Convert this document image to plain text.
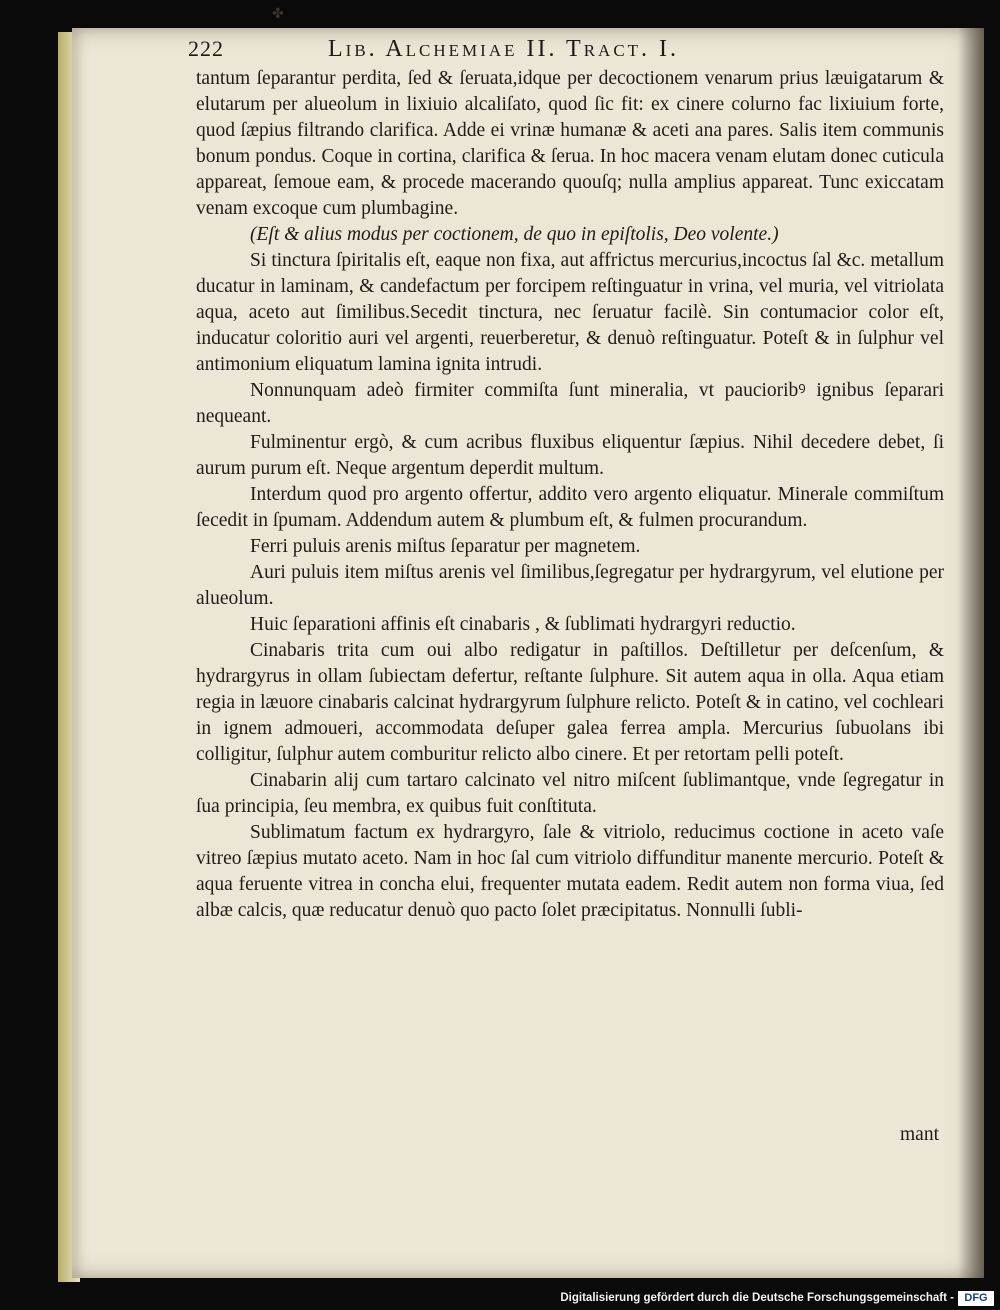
✤
222	Lib. Alchemiae II. Tract. I.

tantum ſeparantur perdita, ſed & ſeruata,idque per decoctionem venarum prius læuigatarum & elutarum per alueolum in lixiuio alcaliſato, quod ſic fit: ex cinere colurno fac lixiuium forte, quod ſæpius filtrando clarifica. Adde ei vrinæ humanæ & aceti ana pares. Salis item communis bonum pondus. Coque in cortina, clarifica & ſerua. In hoc macera venam elutam donec cuticula appareat, ſemoue eam, & procede macerando quouſq; nulla amplius appareat. Tunc exiccatam venam excoque cum plumbagine.

(Eſt & alius modus per coctionem, de quo in epiſtolis, Deo volente.)

Si tinctura ſpiritalis eſt, eaque non fixa, aut affrictus mercurius,incoctus ſal &c. metallum ducatur in laminam, & candefactum per forcipem reſtinguatur in vrina, vel muria, vel vitriolata aqua, aceto aut ſimilibus.Secedit tinctura, nec ſeruatur facilè. Sin contumacior color eſt, inducatur coloritio auri vel argenti, reuerberetur, & denuò reſtinguatur. Poteſt & in ſulphur vel antimonium eliquatum lamina ignita intrudi.

Nonnunquam adeò firmiter commiſta ſunt mineralia, vt paucioribꝰ ignibus ſeparari nequeant.

Fulminentur ergò, & cum acribus fluxibus eliquentur ſæpius. Nihil decedere debet, ſi aurum purum eſt. Neque argentum deperdit multum.

Interdum quod pro argento offertur, addito vero argento eliquatur. Minerale commiſtum ſecedit in ſpumam. Addendum autem & plumbum eſt, & fulmen procurandum.

Ferri puluis arenis miſtus ſeparatur per magnetem.

Auri puluis item miſtus arenis vel ſimilibus,ſegregatur per hydrargyrum, vel elutione per alueolum.

Huic ſeparationi affinis eſt cinabaris , & ſublimati hydrargyri reductio.

Cinabaris trita cum oui albo redigatur in paſtillos. Deſtilletur per deſcenſum, & hydrargyrus in ollam ſubiectam defertur, reſtante ſulphure. Sit autem aqua in olla. Aqua etiam regia in læuore cinabaris calcinat hydrargyrum ſulphure relicto. Poteſt & in catino, vel cochleari in ignem admoueri, accommodata deſuper galea ferrea ampla. Mercurius ſubuolans ibi colligitur, ſulphur autem comburitur relicto albo cinere. Et per retortam pelli poteſt.

Cinabarin alij cum tartaro calcinato vel nitro miſcent ſublimantque, vnde ſegregatur in ſua principia, ſeu membra, ex quibus fuit conſtituta.

Sublimatum factum ex hydrargyro, ſale & vitriolo, reducimus coctione in aceto vaſe vitreo ſæpius mutato aceto. Nam in hoc ſal cum vitriolo diffunditur manente mercurio. Poteſt & aqua feruente vitrea in concha elui, frequenter mutata eadem. Redit autem non forma viua, ſed albæ calcis, quæ reducatur denuò quo pacto ſolet præcipitatus. Nonnulli ſubli-

mant
Digitalisierung gefördert durch die Deutsche Forschungsgemeinschaft - DFG
